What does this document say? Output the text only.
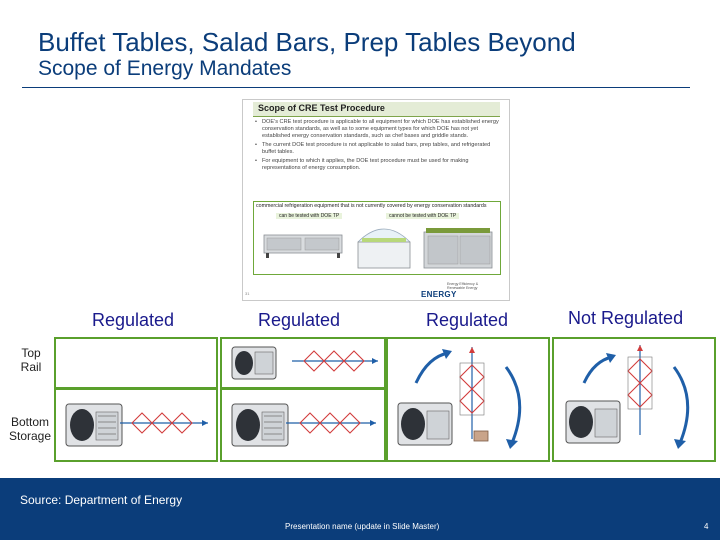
Buffet Tables, Salad Bars, Prep Tables Beyond
Scope of Energy Mandates
Scope of CRE Test Procedure
• DOE's CRE test procedure is applicable to all equipment for which DOE has established energy conservation standards, as well as to some equipment types for which DOE has not yet established energy conservation standards, such as chef bases and griddle stands.
• The current DOE test procedure is not applicable to salad bars, prep tables, and refrigerated buffet tables.
• For equipment to which it applies, the DOE test procedure must be used for making representations of energy consumption.
commercial refrigeration equipment that is not currently covered by energy conservation standards
can be tested with DOE TP	cannot be tested with DOE TP
Energy Efficiency &
Renewable Energy
ENERGY
31
Regulated	Regulated	Regulated	Not Regulated
Top
Rail
Bottom
Storage
Source: Department of Energy
Presentation name (update in Slide Master)	4
